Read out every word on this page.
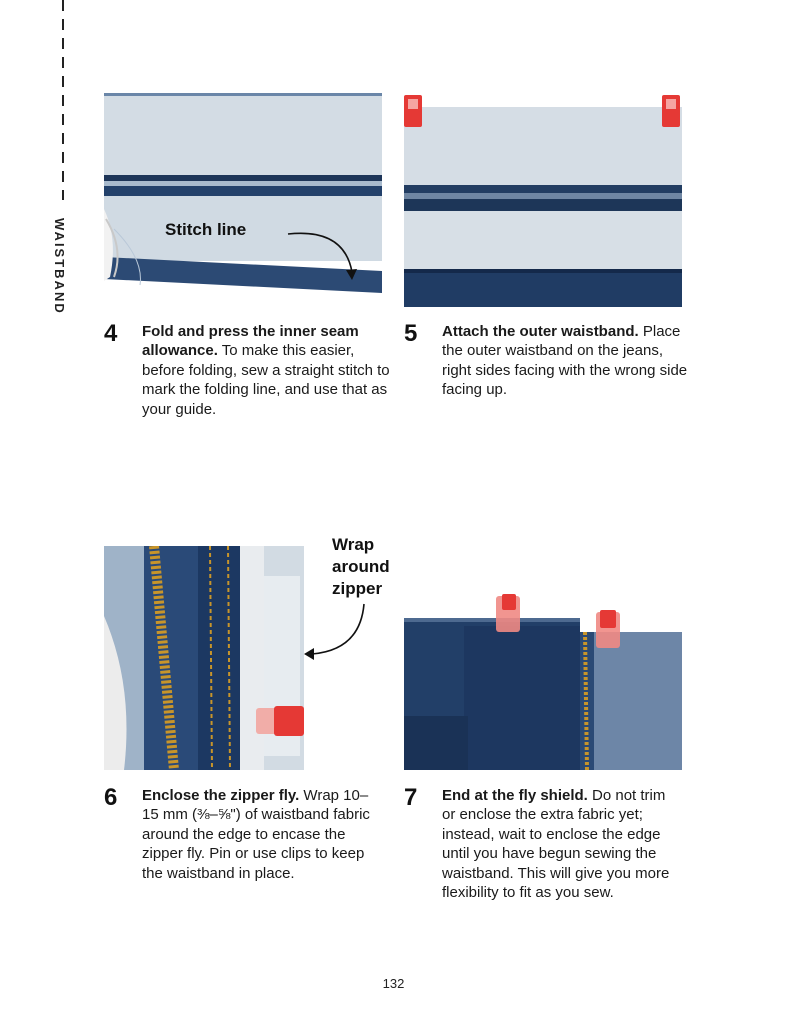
WAISTBAND	Stitch line
Wrap
around
zipper
4 Fold and press the inner seam allowance. To make this easier, before folding, sew a straight stitch to mark the folding line, and use that as your guide.
5 Attach the outer waistband. Place the outer waistband on the jeans, right sides facing with the wrong side facing up.
6 Enclose the zipper fly. Wrap 10–15 mm (⅜–⅝") of waistband fabric around the edge to encase the zipper fly. Pin or use clips to keep the waistband in place.
7 End at the fly shield. Do not trim or enclose the extra fabric yet; instead, wait to enclose the edge until you have begun sewing the waistband. This will give you more flexibility to fit as you sew.
132
